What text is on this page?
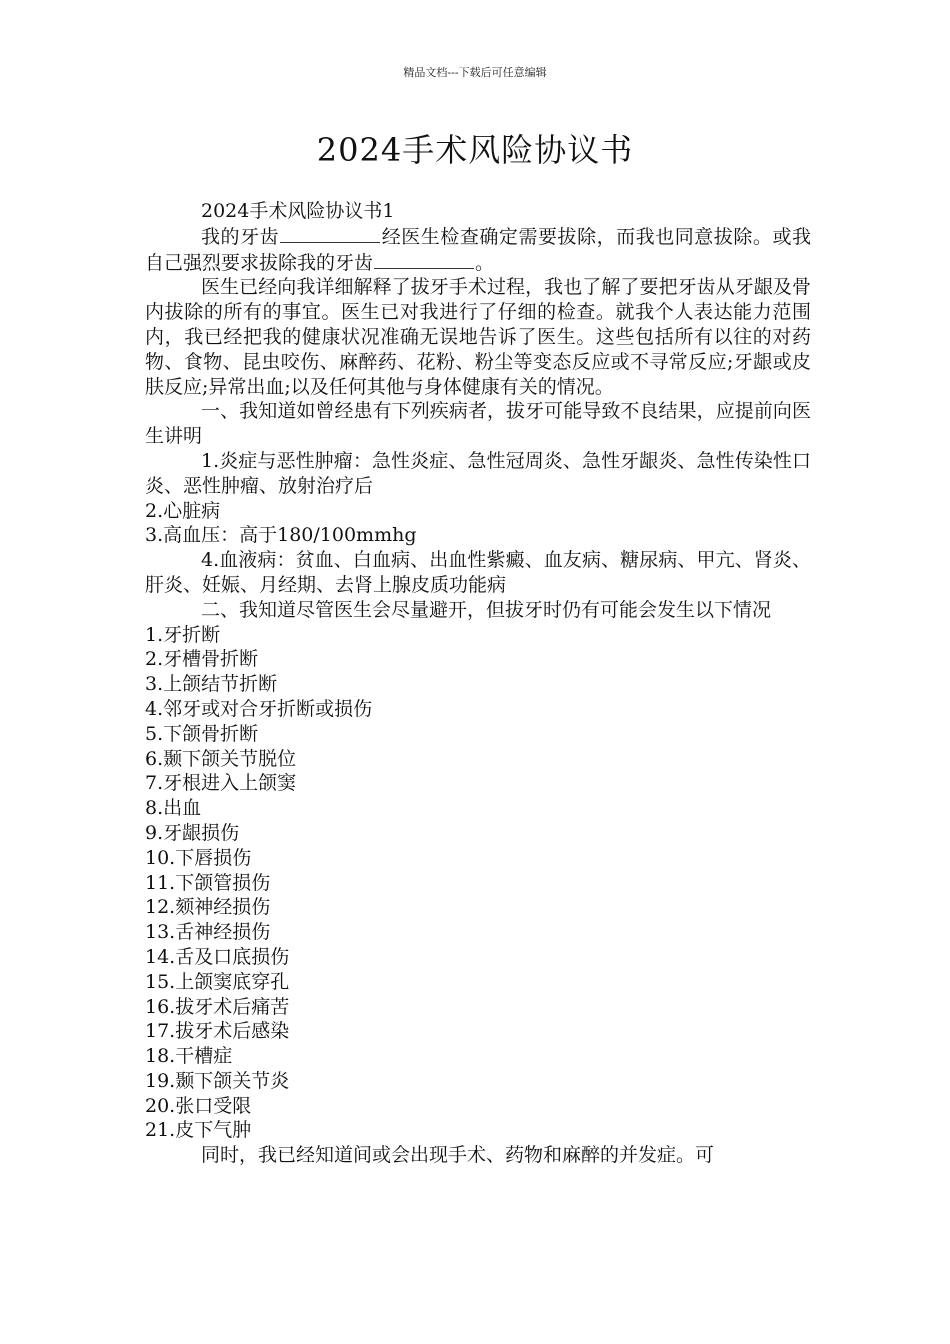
精品文档---下载后可任意编辑
2024手术风险协议书

2024手术风险协议书1

我的牙齿	经医生检查确定需要拔除，而我也同意拔除。或我自己强烈要求拔除我的牙齿	。

医生已经向我详细解释了拔牙手术过程，我也了解了要把牙齿从牙龈及骨内拔除的所有的事宜。医生已对我进行了仔细的检查。就我个人表达能力范围内，我已经把我的健康状况准确无误地告诉了医生。这些包括所有以往的对药物、食物、昆虫咬伤、麻醉药、花粉、粉尘等变态反应或不寻常反应;牙龈或皮肤反应;异常出血;以及任何其他与身体健康有关的情况。

一、我知道如曾经患有下列疾病者，拔牙可能导致不良结果，应提前向医生讲明

1.炎症与恶性肿瘤：急性炎症、急性冠周炎、急性牙龈炎、急性传染性口炎、恶性肿瘤、放射治疗后

2.心脏病

3.高血压：高于180/100mmhg

4.血液病：贫血、白血病、出血性紫癜、血友病、糖尿病、甲亢、肾炎、肝炎、妊娠、月经期、去肾上腺皮质功能病

二、我知道尽管医生会尽量避开，但拔牙时仍有可能会发生以下情况

1.牙折断

2.牙槽骨折断

3.上颌结节折断

4.邻牙或对合牙折断或损伤

5.下颌骨折断

6.颞下颌关节脱位

7.牙根进入上颌窦

8.出血

9.牙龈损伤

10.下唇损伤

11.下颌管损伤

12.颏神经损伤

13.舌神经损伤

14.舌及口底损伤

15.上颌窦底穿孔

16.拔牙术后痛苦

17.拔牙术后感染

18.干槽症

19.颞下颌关节炎

20.张口受限

21.皮下气肿

同时，我已经知道间或会出现手术、药物和麻醉的并发症。可
